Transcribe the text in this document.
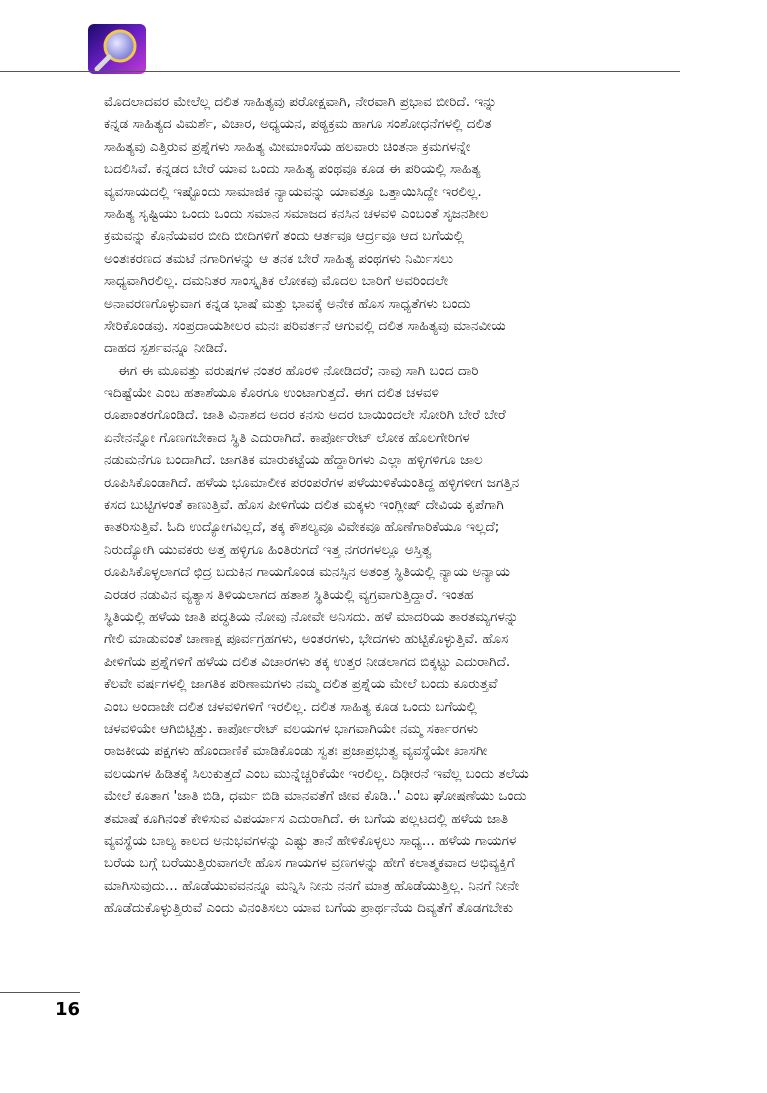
ಮೊದಲಾದವರ ಮೇಲೆಲ್ಲ ದಲಿತ ಸಾಹಿತ್ಯವು ಪರೋಕ್ಷವಾಗಿ, ನೇರವಾಗಿ ಪ್ರಭಾವ ಬೀರಿದೆ. ಇನ್ನು
ಕನ್ನಡ ಸಾಹಿತ್ಯದ ವಿಮರ್ಶೆ, ವಿಚಾರ, ಅಧ್ಯಯನ, ಪಠ್ಯಕ್ರಮ ಹಾಗೂ ಸಂಶೋಧನೆಗಳಲ್ಲಿ ದಲಿತ
ಸಾಹಿತ್ಯವು ಎತ್ತಿರುವ ಪ್ರಶ್ನೆಗಳು ಸಾಹಿತ್ಯ ಮೀಮಾಂಸೆಯ ಹಲವಾರು ಚಿಂತನಾ ಕ್ರಮಗಳನ್ನೇ
ಬದಲಿಸಿವೆ. ಕನ್ನಡದ ಬೇರೆ ಯಾವ ಒಂದು ಸಾಹಿತ್ಯ ಪಂಥವೂ ಕೂಡ ಈ ಪರಿಯಲ್ಲಿ ಸಾಹಿತ್ಯ
ವ್ಯವಸಾಯದಲ್ಲಿ ಇಷ್ಟೊಂದು ಸಾಮಾಜಿಕ ನ್ಯಾಯವನ್ನು ಯಾವತ್ತೂ ಒತ್ತಾಯಿಸಿದ್ದೇ ಇರಲಿಲ್ಲ.
ಸಾಹಿತ್ಯ ಸೃಷ್ಟಿಯು ಒಂದು ಒಂದು ಸಮಾನ ಸಮಾಜದ ಕನಸಿನ ಚಳವಳಿ ಎಂಬಂತೆ ಸೃಜನಶೀಲ
ಕ್ರಮವನ್ನು ಕೊನೆಯವರ ಬೀದಿ ಬೀದಿಗಳಿಗೆ ತಂದು ಆರ್ತವೂ ಆರ್ದ್ರವೂ ಆದ ಬಗೆಯಲ್ಲಿ
ಅಂತಃಕರಣದ ತಮಟೆ ನಗಾರಿಗಳನ್ನು ಆ ತನಕ ಬೇರೆ ಸಾಹಿತ್ಯ ಪಂಥಗಳು ನಿರ್ಮಿಸಲು
ಸಾಧ್ಯವಾಗಿರಲಿಲ್ಲ. ದಮನಿತರ ಸಾಂಸ್ಕೃತಿಕ ಲೋಕವು ಮೊದಲ ಬಾರಿಗೆ ಅವರಿಂದಲೇ
ಅನಾವರಣಗೊಳ್ಳುವಾಗ ಕನ್ನಡ ಭಾಷೆ ಮತ್ತು ಭಾವಕ್ಕೆ ಅನೇಕ ಹೊಸ ಸಾಧ್ಯತೆಗಳು ಬಂದು
ಸೇರಿಕೊಂಡವು. ಸಂಪ್ರದಾಯಶೀಲರ ಮನಃ ಪರಿವರ್ತನೆ ಆಗುವಲ್ಲಿ ದಲಿತ ಸಾಹಿತ್ಯವು ಮಾನವೀಯ
ದಾಹದ ಸ್ಪರ್ಶವನ್ನೂ ನೀಡಿದೆ.
ಈಗ ಈ ಮೂವತ್ತು ವರುಷಗಳ ನಂತರ ಹೊರಳಿ ನೋಡಿದರೆ; ನಾವು ಸಾಗಿ ಬಂದ ದಾರಿ
ಇದಿಷ್ಟೆಯೇ ಎಂಬ ಹತಾಶೆಯೂ ಕೊರಗೂ ಉಂಟಾಗುತ್ತದೆ. ಈಗ ದಲಿತ ಚಳವಳಿ
ರೂಪಾಂತರಗೊಂಡಿದೆ. ಜಾತಿ ವಿನಾಶದ ಅದರ ಕನಸು ಅದರ ಬಾಯಿಂದಲೇ ಸೋರಿಗಿ ಬೇರೆ ಬೇರೆ
ಏನೇನನ್ನೋ ಗೊಣಗಬೇಕಾದ ಸ್ಥಿತಿ ಎದುರಾಗಿದೆ. ಕಾರ್ಪೋರೇಟ್ ಲೋಕ ಹೊಲಗೇರಿಗಳ
ನಡುಮನೆಗೂ ಬಂದಾಗಿದೆ. ಜಾಗತಿಕ ಮಾರುಕಟ್ಟೆಯ ಹೆದ್ದಾರಿಗಳು ಎಲ್ಲಾ ಹಳ್ಳಿಗಳಿಗೂ ಜಾಲ
ರೂಪಿಸಿಕೊಂಡಾಗಿದೆ. ಹಳೆಯ ಭೂಮಾಲೀಕ ಪರಂಪರೆಗಳ ಪಳೆಯುಳಿಕೆಯಂತಿದ್ದ ಹಳ್ಳಿಗಳೀಗ ಜಗತ್ತಿನ
ಕಸದ ಬುಟ್ಟಿಗಳಂತೆ ಕಾಣುತ್ತಿವೆ. ಹೊಸ ಪೀಳಿಗೆಯ ದಲಿತ ಮಕ್ಕಳು ಇಂಗ್ಲೀಷ್ ದೇವಿಯ ಕೃಪೆಗಾಗಿ
ಕಾತರಿಸುತ್ತಿವೆ. ಓದಿ ಉದ್ಯೋಗವಿಲ್ಲದೆ, ತಕ್ಕ ಕೌಶಲ್ಯವೂ ವಿವೇಕವೂ ಹೊಣೆಗಾರಿಕೆಯೂ ಇಲ್ಲದೆ;
ನಿರುದ್ಯೋಗಿ ಯುವಕರು ಅತ್ತ ಹಳ್ಳಿಗೂ ಹಿಂತಿರುಗದೆ ಇತ್ತ ನಗರಗಳಲ್ಲೂ ಅಸ್ತಿತ್ವ
ರೂಪಿಸಿಕೊಳ್ಳಲಾಗದೆ ಛಿದ್ರ ಬದುಕಿನ ಗಾಯಗೊಂಡ ಮನಸ್ಸಿನ ಅತಂತ್ರ ಸ್ಥಿತಿಯಲ್ಲಿ ನ್ಯಾಯ ಅನ್ಯಾಯ
ಎರಡರ ನಡುವಿನ ವ್ಯತ್ಯಾಸ ತಿಳಿಯಲಾಗದ ಹತಾಶ ಸ್ಥಿತಿಯಲ್ಲಿ ವ್ಯಗ್ರವಾಗುತ್ತಿದ್ದಾರೆ. ಇಂತಹ
ಸ್ಥಿತಿಯಲ್ಲಿ ಹಳೆಯ ಜಾತಿ ಪದ್ಧತಿಯ ನೋವು ನೋವೇ ಅನಿಸದು. ಹಳೆ ಮಾದರಿಯ ತಾರತಮ್ಯಗಳನ್ನು
ಗೇಲಿ ಮಾಡುವಂತೆ ಚಾಣಾಕ್ಷ ಪೂರ್ವಗ್ರಹಗಳು, ಅಂತರಗಳು, ಭೇದಗಳು ಹುಟ್ಟಿಕೊಳ್ಳುತ್ತಿವೆ. ಹೊಸ
ಪೀಳಿಗೆಯ ಪ್ರಶ್ನೆಗಳಿಗೆ ಹಳೆಯ ದಲಿತ ವಿಚಾರಗಳು ತಕ್ಕ ಉತ್ತರ ನೀಡಲಾಗದ ಬಿಕ್ಕಟ್ಟು ಎದುರಾಗಿದೆ.
ಕೆಲವೇ ವರ್ಷಗಳಲ್ಲಿ ಜಾಗತಿಕ ಪರಿಣಾಮಗಳು ನಮ್ಮ ದಲಿತ ಪ್ರಶ್ನೆಯ ಮೇಲೆ ಬಂದು ಕೂರುತ್ತವೆ
ಎಂಬ ಅಂದಾಜೇ ದಲಿತ ಚಳವಳಿಗಳಿಗೆ ಇರಲಿಲ್ಲ. ದಲಿತ ಸಾಹಿತ್ಯ ಕೂಡ ಒಂದು ಬಗೆಯಲ್ಲಿ
ಚಳವಳಿಯೇ ಆಗಿಬಿಟ್ಟಿತ್ತು. ಕಾರ್ಪೋರೇಟ್ ವಲಯಗಳ ಭಾಗವಾಗಿಯೇ ನಮ್ಮ ಸರ್ಕಾರಗಳು
ರಾಜಕೀಯ ಪಕ್ಷಗಳು ಹೊಂದಾಣಿಕೆ ಮಾಡಿಕೊಂಡು ಸ್ವತಃ ಪ್ರಜಾಪ್ರಭುತ್ವ ವ್ಯವಸ್ಥೆಯೇ ಖಾಸಗೀ
ವಲಯಗಳ ಹಿಡಿತಕ್ಕೆ ಸಿಲುಕುತ್ತದೆ ಎಂಬ ಮುನ್ನೆಚ್ಚರಿಕೆಯೇ ಇರಲಿಲ್ಲ. ದಿಢೀರನೆ ಇವೆಲ್ಲ ಬಂದು ತಲೆಯ
ಮೇಲೆ ಕೂತಾಗ 'ಜಾತಿ ಬಿಡಿ, ಧರ್ಮ ಬಿಡಿ ಮಾನವತೆಗೆ ಜೀವ ಕೊಡಿ..' ಎಂಬ ಘೋಷಣೆಯು ಒಂದು
ತಮಾಷೆ ಕೂಗಿನಂತೆ ಕೇಳಿಸುವ ವಿಪರ್ಯಾಸ ಎದುರಾಗಿದೆ. ಈ ಬಗೆಯ ಪಲ್ಲಟದಲ್ಲಿ ಹಳೆಯ ಜಾತಿ
ವ್ಯವಸ್ಥೆಯ ಬಾಲ್ಯ ಕಾಲದ ಅನುಭವಗಳನ್ನು ಎಷ್ಟು ತಾನೆ ಹೇಳಿಕೊಳ್ಳಲು ಸಾಧ್ಯ... ಹಳೆಯ ಗಾಯಗಳ
ಬರೆಯ ಬಗ್ಗೆ ಬರೆಯುತ್ತಿರುವಾಗಲೇ ಹೊಸ ಗಾಯಗಳ ವ್ರಣಗಳನ್ನು ಹೇಗೆ ಕಲಾತ್ಮಕವಾದ ಅಭಿವ್ಯಕ್ತಿಗೆ
ಮಾಗಿಸುವುದು... ಹೊಡೆಯುವವನನ್ನೂ ಮನ್ನಿಸಿ ನೀನು ನನಗೆ ಮಾತ್ರ ಹೊಡೆಯುತ್ತಿಲ್ಲ. ನಿನಗೆ ನೀನೇ
ಹೊಡೆದುಕೊಳ್ಳುತ್ತಿರುವೆ ಎಂದು ವಿನಂತಿಸಲು ಯಾವ ಬಗೆಯ ಪ್ರಾರ್ಥನೆಯ ದಿವ್ಯತೆಗೆ ತೊಡಗಬೇಕು
16
